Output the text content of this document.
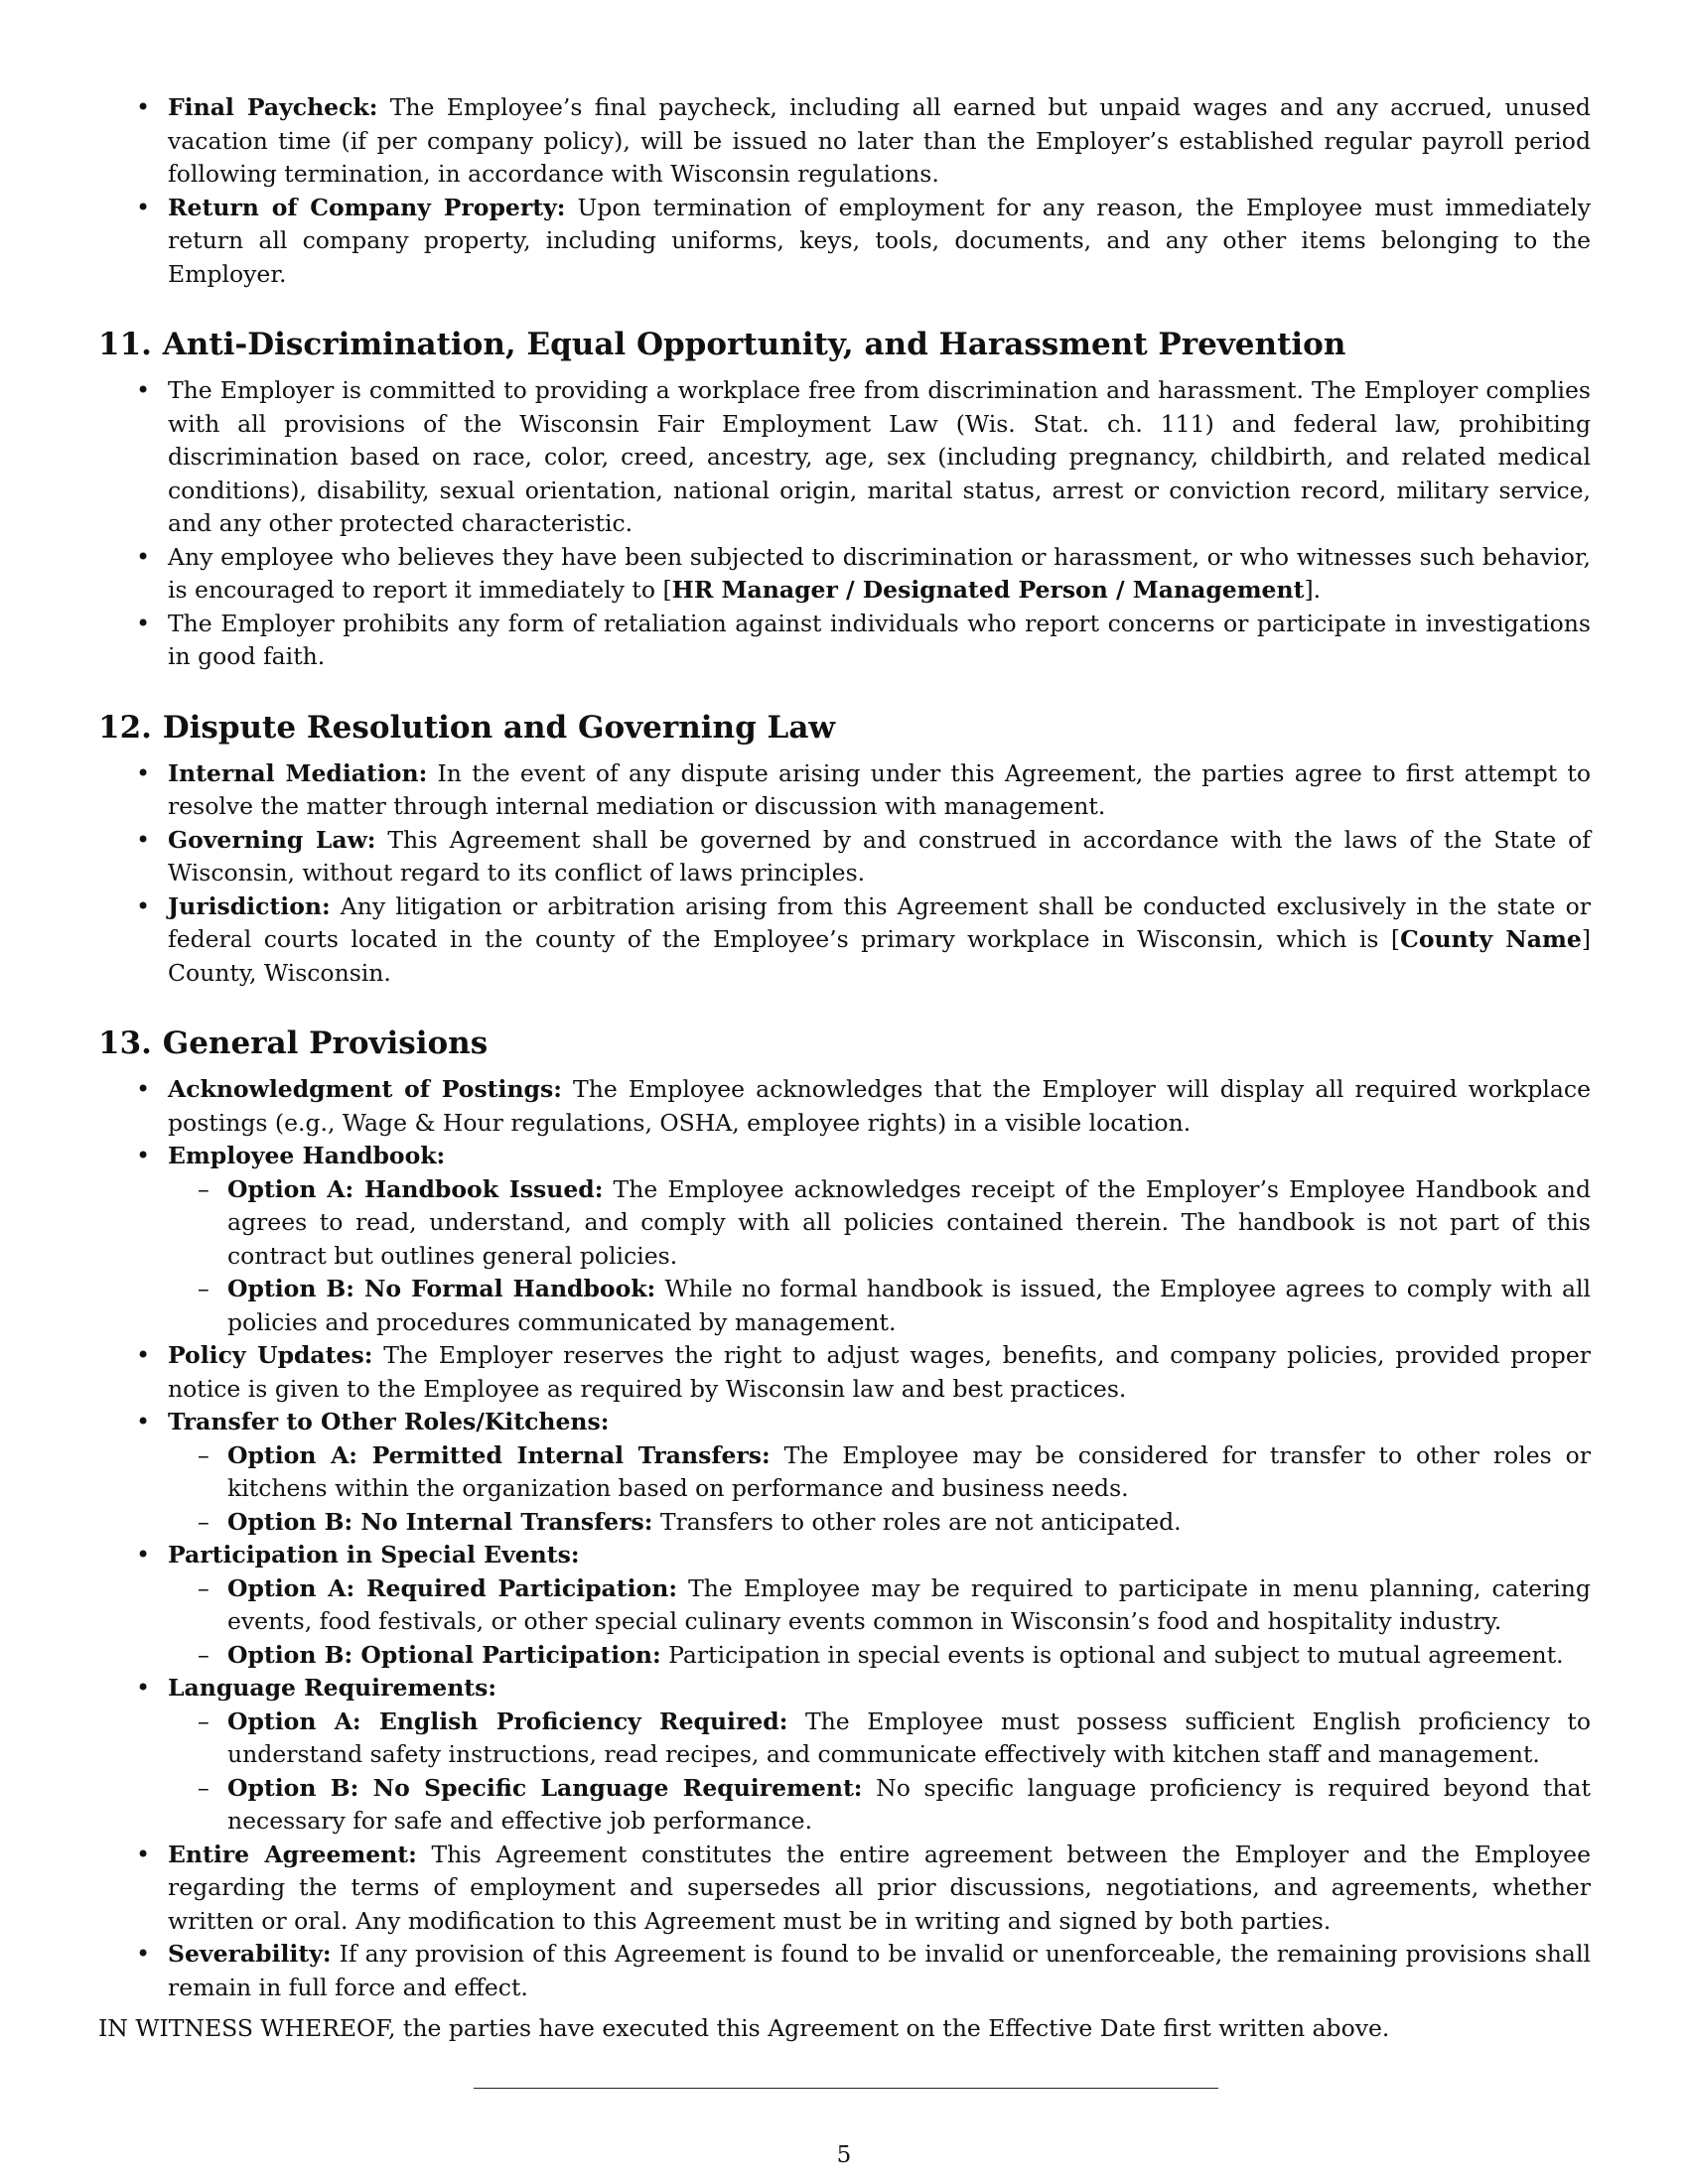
• Final Paycheck: The Employee’s final paycheck, including all earned but unpaid wages and any accrued, unused vacation time (if per company policy), will be issued no later than the Employer’s established regular payroll period following termination, in accordance with Wisconsin regulations.
• Return of Company Property: Upon termination of employment for any reason, the Employee must immediately return all company property, including uniforms, keys, tools, documents, and any other items belonging to the Employer.
11. Anti-Discrimination, Equal Opportunity, and Harassment Prevention
• The Employer is committed to providing a workplace free from discrimination and harassment. The Employer complies with all provisions of the Wisconsin Fair Employment Law (Wis. Stat. ch. 111) and federal law, prohibiting discrimination based on race, color, creed, ancestry, age, sex (including pregnancy, childbirth, and related medical conditions), disability, sexual orientation, national origin, marital status, arrest or conviction record, military service, and any other protected characteristic.
• Any employee who believes they have been subjected to discrimination or harassment, or who witnesses such behavior, is encouraged to report it immediately to [HR Manager / Designated Person / Management].
• The Employer prohibits any form of retaliation against individuals who report concerns or participate in investigations in good faith.
12. Dispute Resolution and Governing Law
• Internal Mediation: In the event of any dispute arising under this Agreement, the parties agree to first attempt to resolve the matter through internal mediation or discussion with management.
• Governing Law: This Agreement shall be governed by and construed in accordance with the laws of the State of Wisconsin, without regard to its conflict of laws principles.
• Jurisdiction: Any litigation or arbitration arising from this Agreement shall be conducted exclusively in the state or federal courts located in the county of the Employee’s primary workplace in Wisconsin, which is [County Name] County, Wisconsin.
13. General Provisions
• Acknowledgment of Postings: The Employee acknowledges that the Employer will display all required workplace postings (e.g., Wage & Hour regulations, OSHA, employee rights) in a visible location.
• Employee Handbook:
– Option A: Handbook Issued: The Employee acknowledges receipt of the Employer’s Employee Handbook and agrees to read, understand, and comply with all policies contained therein. The handbook is not part of this contract but outlines general policies.
– Option B: No Formal Handbook: While no formal handbook is issued, the Employee agrees to comply with all policies and procedures communicated by management.
• Policy Updates: The Employer reserves the right to adjust wages, benefits, and company policies, provided proper notice is given to the Employee as required by Wisconsin law and best practices.
• Transfer to Other Roles/Kitchens:
– Option A: Permitted Internal Transfers: The Employee may be considered for transfer to other roles or kitchens within the organization based on performance and business needs.
– Option B: No Internal Transfers: Transfers to other roles are not anticipated.
• Participation in Special Events:
– Option A: Required Participation: The Employee may be required to participate in menu planning, catering events, food festivals, or other special culinary events common in Wisconsin’s food and hospitality industry.
– Option B: Optional Participation: Participation in special events is optional and subject to mutual agreement.
• Language Requirements:
– Option A: English Proficiency Required: The Employee must possess sufficient English proficiency to understand safety instructions, read recipes, and communicate effectively with kitchen staff and management.
– Option B: No Specific Language Requirement: No specific language proficiency is required beyond that necessary for safe and effective job performance.
• Entire Agreement: This Agreement constitutes the entire agreement between the Employer and the Employee regarding the terms of employment and supersedes all prior discussions, negotiations, and agreements, whether written or oral. Any modification to this Agreement must be in writing and signed by both parties.
• Severability: If any provision of this Agreement is found to be invalid or unenforceable, the remaining provisions shall remain in full force and effect.

IN WITNESS WHEREOF, the parties have executed this Agreement on the Effective Date first written above.

5
